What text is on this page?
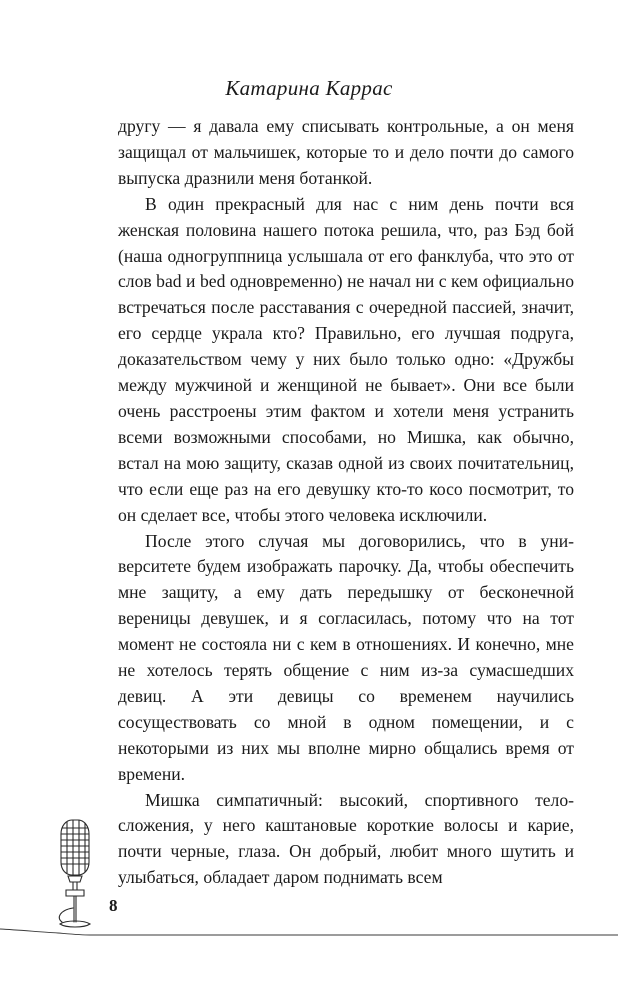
Катарина Каррас

другу — я давала ему списывать контрольные, а он меня защищал от мальчишек, которые то и дело почти до самого выпуска дразнили меня ботанкой.

В один прекрасный для нас с ним день почти вся женская половина нашего потока решила, что, раз Бэд бой (наша одногруппница услышала от его фанклуба, что это от слов bad и bed одновременно) не начал ни с кем официально встречаться после расставания с очередной пассией, значит, его сердце украла кто? Правильно, его лучшая подруга, доказательством чему у них было только одно: «Дружбы между мужчиной и женщиной не бывает». Они все были очень расстроены этим фактом и хотели меня устранить всеми возможными способами, но Мишка, как обычно, встал на мою защиту, сказав одной из своих почитательниц, что если еще раз на его девушку кто-то косо посмотрит, то он сделает все, чтобы этого человека исключили.

После этого случая мы договорились, что в университете будем изображать парочку. Да, чтобы обеспечить мне защиту, а ему дать передышку от бесконечной вереницы девушек, и я согласилась, потому что на тот момент не состояла ни с кем в отношениях. И конечно, мне не хотелось терять общение с ним из-за сумасшедших девиц. А эти девицы со временем научились сосуществовать со мной в одном помещении, и с некоторыми из них мы вполне мирно общались время от времени.

Мишка симпатичный: высокий, спортивного телосложения, у него каштановые короткие волосы и карие, почти черные, глаза. Он добрый, любит много шутить и улыбаться, обладает даром поднимать всем

8
